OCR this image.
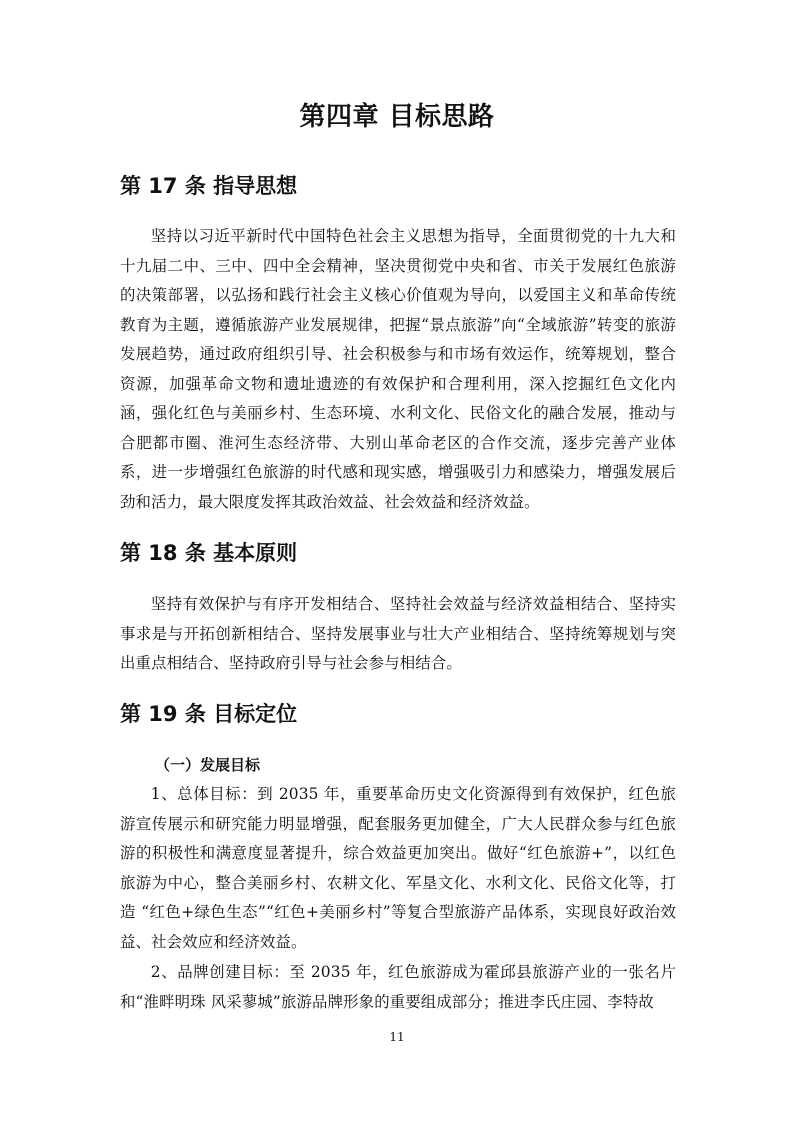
第四章 目标思路
第 17 条 指导思想

坚持以习近平新时代中国特色社会主义思想为指导，全面贯彻党的十九大和十九届二中、三中、四中全会精神，坚决贯彻党中央和省、市关于发展红色旅游的决策部署，以弘扬和践行社会主义核心价值观为导向，以爱国主义和革命传统教育为主题，遵循旅游产业发展规律，把握“景点旅游”向“全域旅游”转变的旅游发展趋势，通过政府组织引导、社会积极参与和市场有效运作，统筹规划，整合资源，加强革命文物和遗址遗迹的有效保护和合理利用，深入挖掘红色文化内涵，强化红色与美丽乡村、生态环境、水利文化、民俗文化的融合发展，推动与合肥都市圈、淮河生态经济带、大别山革命老区的合作交流，逐步完善产业体系，进一步增强红色旅游的时代感和现实感，增强吸引力和感染力，增强发展后劲和活力，最大限度发挥其政治效益、社会效益和经济效益。

第 18 条 基本原则

坚持有效保护与有序开发相结合、坚持社会效益与经济效益相结合、坚持实事求是与开拓创新相结合、坚持发展事业与壮大产业相结合、坚持统筹规划与突出重点相结合、坚持政府引导与社会参与相结合。

第 19 条 目标定位
（一）发展目标

1、总体目标：到 2035 年，重要革命历史文化资源得到有效保护，红色旅游宣传展示和研究能力明显增强，配套服务更加健全，广大人民群众参与红色旅游的积极性和满意度显著提升，综合效益更加突出。做好“红色旅游+”，以红色旅游为中心，整合美丽乡村、农耕文化、军垦文化、水利文化、民俗文化等，打造 “红色+绿色生态”“红色+美丽乡村”等复合型旅游产品体系，实现良好政治效益、社会效应和经济效益。

2、品牌创建目标：至 2035 年，红色旅游成为霍邱县旅游产业的一张名片和“淮畔明珠 风采蓼城”旅游品牌形象的重要组成部分；推进李氏庄园、李特故

11
